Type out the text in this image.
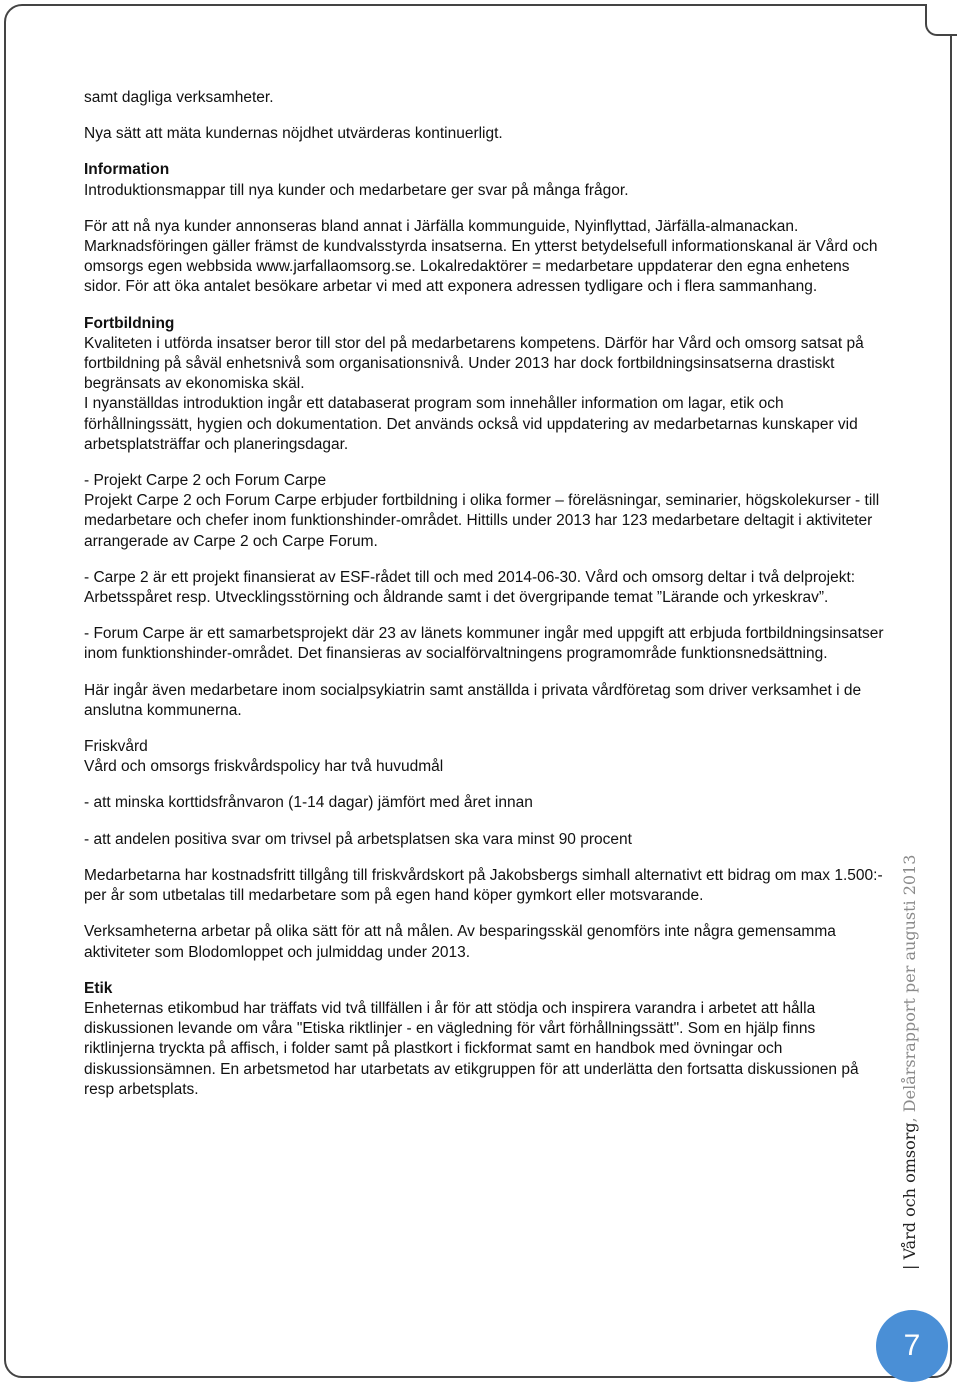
samt dagliga verksamheter.

Nya sätt att mäta kundernas nöjdhet utvärderas kontinuerligt.

Information

Introduktionsmappar till nya kunder och medarbetare ger svar på många frågor.

För att nå nya kunder annonseras bland annat i Järfälla kommunguide, Nyinflyttad, Järfälla-almanackan. Marknadsföringen gäller främst de kundvalsstyrda insatserna. En ytterst betydelsefull informationskanal är Vård och omsorgs egen webbsida www.jarfallaomsorg.se. Lokalredaktörer = medarbetare uppdaterar den egna enhetens sidor. För att öka antalet besökare arbetar vi med att exponera adressen tydligare och i flera sammanhang.

Fortbildning

Kvaliteten i utförda insatser beror till stor del på medarbetarens kompetens. Därför har Vård och omsorg satsat på fortbildning på såväl enhetsnivå som organisationsnivå. Under 2013 har dock fortbildningsinsatserna drastiskt begränsats av ekonomiska skäl.

I nyanställdas introduktion ingår ett databaserat program som innehåller information om lagar, etik och förhållningssätt, hygien och dokumentation. Det används också vid uppdatering av medarbetarnas kunskaper vid arbetsplatsträffar och planeringsdagar.

- Projekt Carpe 2 och Forum Carpe

Projekt Carpe 2 och Forum Carpe erbjuder fortbildning i olika former – föreläsningar, seminarier, högskolekurser - till medarbetare och chefer inom funktionshinder-området. Hittills under 2013 har 123 medarbetare deltagit i aktiviteter arrangerade av Carpe 2 och Carpe Forum.

- Carpe 2 är ett projekt finansierat av ESF-rådet till och med 2014-06-30. Vård och omsorg deltar i två delprojekt: Arbetsspåret resp. Utvecklingsstörning och åldrande samt i det övergripande temat ”Lärande och yrkeskrav”.

- Forum Carpe är ett samarbetsprojekt där 23 av länets kommuner ingår med uppgift att erbjuda fortbildningsinsatser inom funktionshinder-området. Det finansieras av socialförvaltningens programområde funktionsnedsättning.

Här ingår även medarbetare inom socialpsykiatrin samt anställda i privata vårdföretag som driver verksamhet i de anslutna kommunerna.

Friskvård

Vård och omsorgs friskvårdspolicy har två huvudmål

- att minska korttidsfrånvaron (1-14 dagar) jämfört med året innan

- att andelen positiva svar om trivsel på arbetsplatsen ska vara minst 90 procent

Medarbetarna har kostnadsfritt tillgång till friskvårdskort på Jakobsbergs simhall alternativt ett bidrag om max 1.500:- per år som utbetalas till medarbetare som på egen hand köper gymkort eller motsvarande.

Verksamheterna arbetar på olika sätt för att nå målen. Av besparingsskäl genomförs inte några gemensamma aktiviteter som Blodomloppet och julmiddag under 2013.

Etik

Enheternas etikombud har träffats vid två tillfällen i år för att stödja och inspirera varandra i arbetet att hålla diskussionen levande om våra "Etiska riktlinjer - en vägledning för vårt förhållningssätt". Som en hjälp finns riktlinjerna tryckta på affisch, i folder samt på plastkort i fickformat samt en handbok med övningar och diskussionsämnen. En arbetsmetod har utarbetats av etikgruppen för att underlätta den fortsatta diskussionen på resp arbetsplats.

| Vård och omsorg, Delårsrapport per augusti 2013
7
